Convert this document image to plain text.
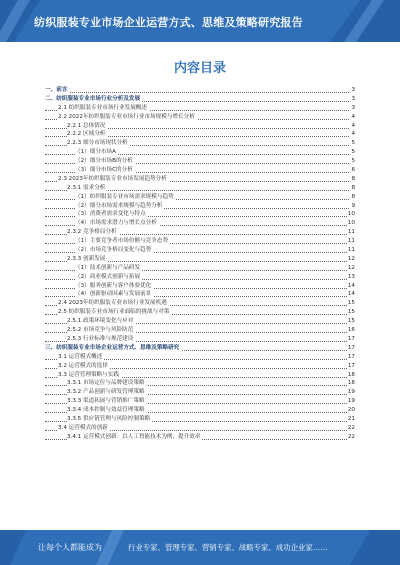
纺织服装专业市场企业运营方式、思维及策略研究报告
内容目录
一、前言	3
二、纺织服装专业市场行业分析及发展	3
2.1 纺织服装专业市场行业发展概述	3
2.2 2022年纺织服装专业市场行业市场规模与增长分析	4
2.2.1 总体情况	4
2.2.2 区域分析	4
2.2.3 细分市场现状分析	5
（1）细分市场A	5
（2）细分市场B的分析	5
（3）细分市场C的分析	6
2.3 2023年纺织服装专业市场发展趋势分析	8
2.3.1 需求分析	8
（1）纺织服装专业市场需求规模与趋势	8
（2）细分市场需求规模与趋势分析	9
（3）消费者需求变化与特点	10
（4）市场需求潜力与增长点分析	10
2.3.2 竞争格局分析	11
（1）主要竞争者市场份额与竞争态势	11
（2）市场竞争格局变化与趋势	11
2.3.3 创新发展	12
（1）技术创新与产品研发	12
（2）商业模式创新与拓展	13
（3）服务创新与客户体验优化	14
（4）创新驱动因素与发展前景	14
2.4 2023年纺织服装专业市场行业发展机遇	15
2.5 纺织服装专业市场行业面临的挑战与对策	15
2.5.1 政策环境变化与应对	15
2.5.2 市场竞争与风险防范	16
2.5.3 行业标准与规范建设	17
三、纺织服装专业市场企业运营方式、思维及策略研究	17
3.1 运营模式概述	17
3.2 运营模式的选择	17
3.3 运营管理策略与实践	18
3.3.1 市场定位与品牌建设策略	18
3.3.2 产品创新与研发管理策略	19
3.3.3 渠道拓展与营销推广策略	19
3.3.4 成本控制与效益管理策略	20
3.3.5 供应链管理与风险控制策略	21
3.4 运营模式的创新	22
3.4.1 运营模式创新：以人工智能技术为例，提升效率	22
让每个人都能成为	行业专家、管理专家、营销专家、战略专家、成功企业家……
